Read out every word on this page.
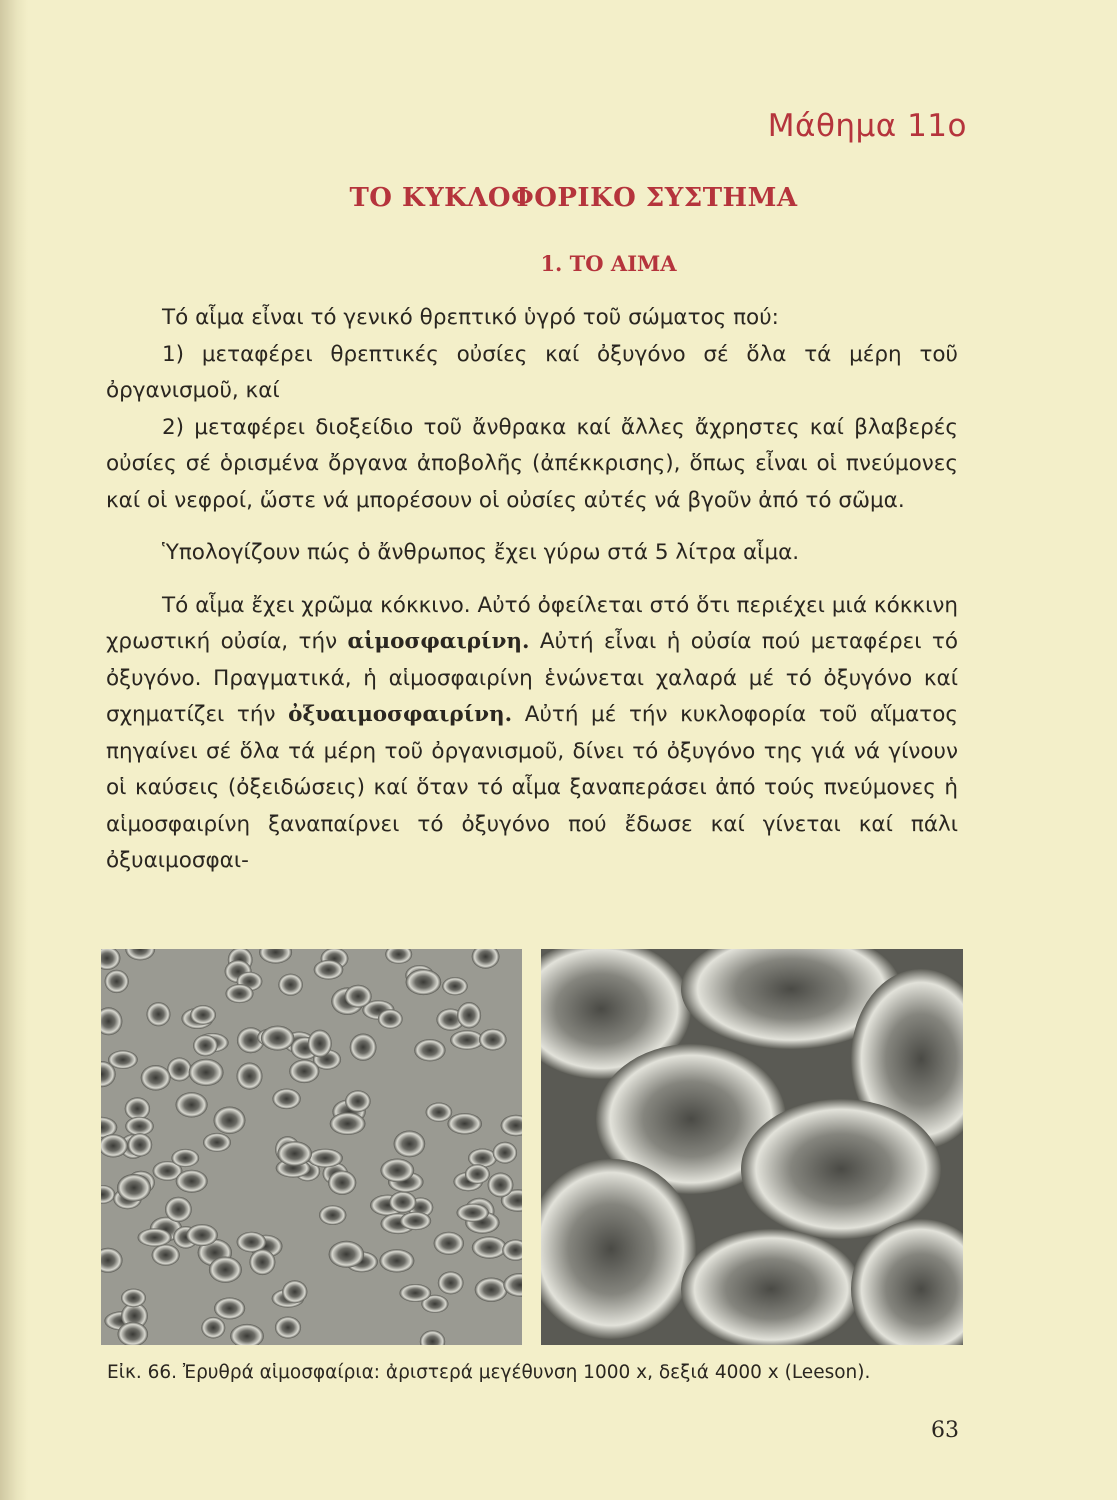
Μάθημα 11ο
ΤΟ ΚΥΚΛΟΦΟΡΙΚΟ ΣΥΣΤΗΜΑ
1. ΤΟ ΑΙΜΑ

Τό αἷμα εἶναι τό γενικό θρεπτικό ὑγρό τοῦ σώματος πού:

1) μεταφέρει θρεπτικές οὐσίες καί ὀξυγόνο σέ ὅλα τά μέρη τοῦ ὀργανισμοῦ, καί

2) μεταφέρει διοξείδιο τοῦ ἄνθρακα καί ἄλλες ἄχρηστες καί βλαβερές οὐσίες σέ ὁρισμένα ὄργανα ἀποβολῆς (ἀπέκκρισης), ὅπως εἶναι οἱ πνεύμονες καί οἱ νεφροί, ὥστε νά μπορέσουν οἱ οὐσίες αὐτές νά βγοῦν ἀπό τό σῶμα.

Ὑπολογίζουν πώς ὁ ἄνθρωπος ἔχει γύρω στά 5 λίτρα αἷμα.

Τό αἷμα ἔχει χρῶμα κόκκινο. Αὐτό ὀφείλεται στό ὅτι περιέχει μιά κόκκινη χρωστική οὐσία, τήν αἱμοσφαιρίνη. Αὐτή εἶναι ἡ οὐσία πού μεταφέρει τό ὀξυγόνο. Πραγματικά, ἡ αἱμοσφαιρίνη ἑνώνεται χαλαρά μέ τό ὀξυγόνο καί σχηματίζει τήν ὀξυαιμοσφαιρίνη. Αὐτή μέ τήν κυκλοφορία τοῦ αἵματος πηγαίνει σέ ὅλα τά μέρη τοῦ ὀργανισμοῦ, δίνει τό ὀξυγόνο της γιά νά γίνουν οἱ καύσεις (ὀξειδώσεις) καί ὅταν τό αἷμα ξαναπεράσει ἀπό τούς πνεύμονες ἡ αἱμοσφαιρίνη ξαναπαίρνει τό ὀξυγόνο πού ἔδωσε καί γίνεται καί πάλι ὀξυαιμοσφαι-

Εἰκ. 66. Ἐρυθρά αἱμοσφαίρια: ἀριστερά μεγέθυνση 1000 x, δεξιά 4000 x (Leeson).
63
